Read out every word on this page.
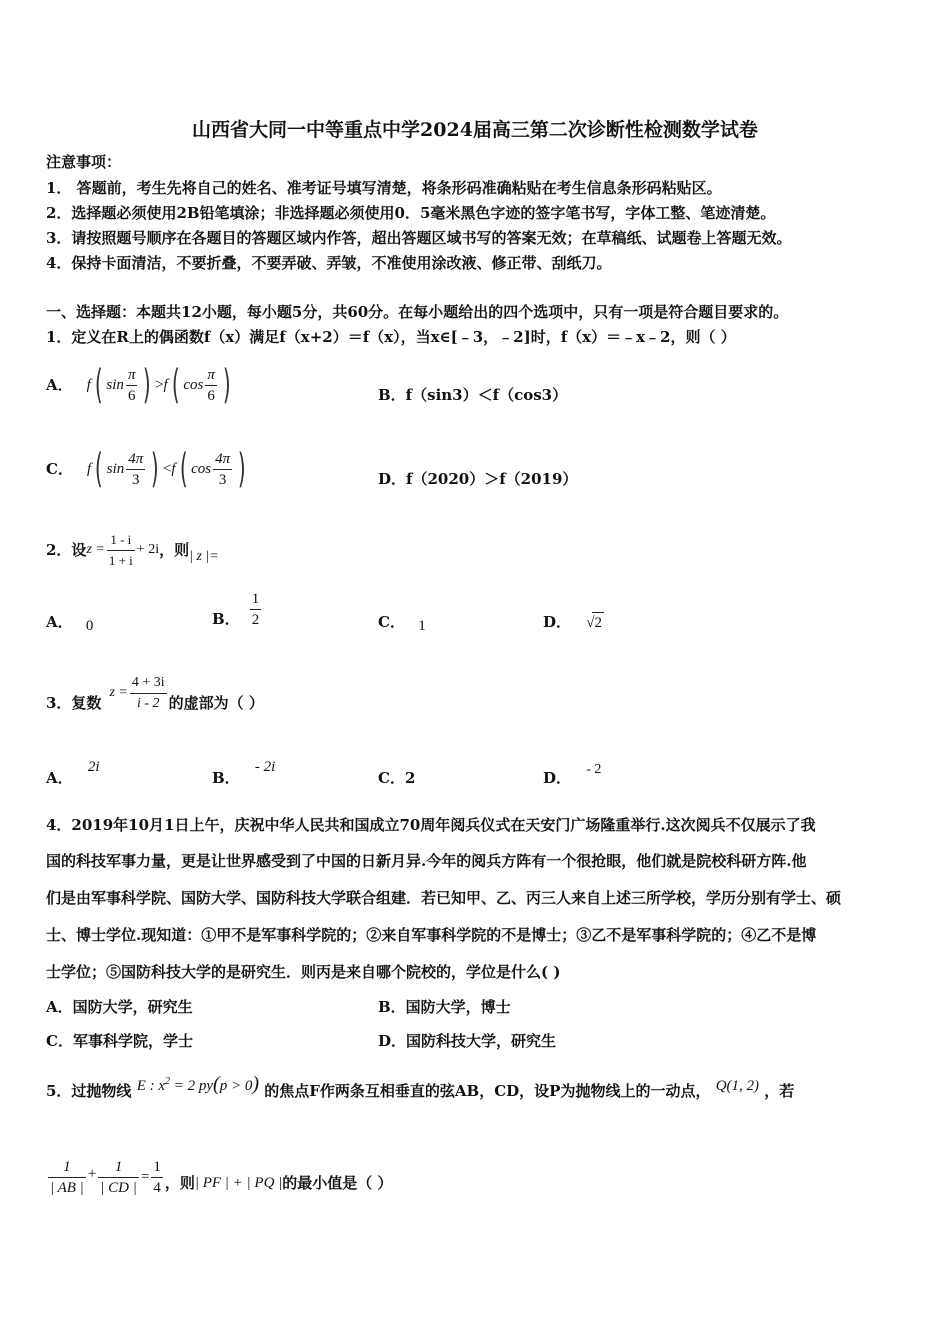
山西省大同一中等重点中学2024届高三第二次诊断性检测数学试卷
注意事项：
1． 答题前，考生先将自己的姓名、准考证号填写清楚，将条形码准确粘贴在考生信息条形码粘贴区。
2．选择题必须使用2B铅笔填涂；非选择题必须使用0．5毫米黑色字迹的签字笔书写，字体工整、笔迹清楚。
3．请按照题号顺序在各题目的答题区域内作答，超出答题区域书写的答案无效；在草稿纸、试题卷上答题无效。
4．保持卡面清洁，不要折叠，不要弄破、弄皱，不准使用涂改液、修正带、刮纸刀。
一、选择题：本题共12小题，每小题5分，共60分。在每小题给出的四个选项中，只有一项是符合题目要求的。
1．定义在R上的偶函数f（x）满足f（x+2）＝f（x），当x∈[﹣3，﹣2]时，f（x）＝﹣x﹣2，则（ ）
A． f ( $\sin \frac{\pi}{6}$ ) > f ( $\cos \frac{\pi}{6}$ )	B．f（sin3）＜f（cos3）
C． f ( $\sin \frac{4\pi}{3}$ ) < f ( $\cos \frac{4\pi}{3}$ )	D．f（2020）＞f（2019）
2．设 $z = \frac{1 - i}{1 + i} + 2i$ ，则 | z |=
A． 0	B． $\frac{1}{2}$	C． 1	D． √2
3．复数
$z = \frac{4 + 3i}{i - 2}$ 的虚部为（ ）
A． 2i
B． - 2i
C．2	D． - 2
4．2019年10月1日上午，庆祝中华人民共和国成立70周年阅兵仪式在天安门广场隆重举行.这次阅兵不仅展示了我
国的科技军事力量，更是让世界感受到了中国的日新月异.今年的阅兵方阵有一个很抢眼，他们就是院校科研方阵.他
们是由军事科学院、国防大学、国防科技大学联合组建．若已知甲、乙、丙三人来自上述三所学校，学历分别有学士、硕
士、博士学位.现知道：①甲不是军事科学院的；②来自军事科学院的不是博士；③乙不是军事科学院的；④乙不是博
士学位；⑤国防科技大学的是研究生．则丙是来自哪个院校的，学位是什么( )
A．国防大学，研究生	B．国防大学，博士
C．军事科学院，学士	D．国防科技大学，研究生
5．过抛物线 E : $x^2 = 2$ py(p > 0) 的焦点F作两条互相垂直的弦AB，CD，设P为抛物线上的一动点， Q(1, 2) ，若
$\frac{1}{| AB |} + \frac{1}{| CD |} = \frac{1}{4}$ ，则 | PF | + | PQ | 的最小值是（ ）
